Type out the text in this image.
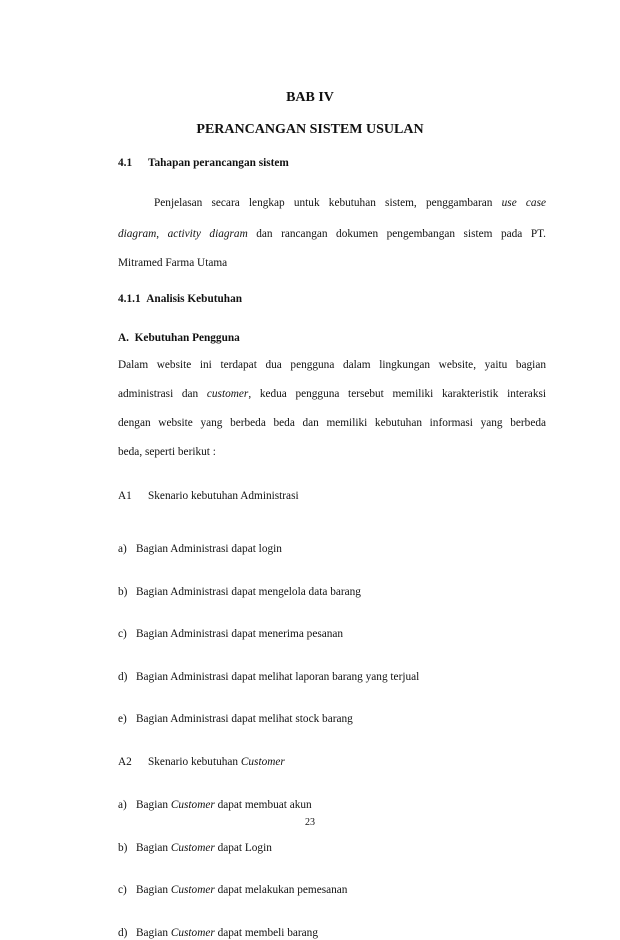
BAB IV

PERANCANGAN SISTEM USULAN

4.1 Tahapan perancangan sistem

Penjelasan secara lengkap untuk kebutuhan sistem, penggambaran use case

diagram, activity diagram dan rancangan dokumen pengembangan sistem pada PT.

Mitramed Farma Utama

4.1.1 Analisis Kebutuhan

A. Kebutuhan Pengguna

Dalam website ini terdapat dua pengguna dalam lingkungan website, yaitu bagian

administrasi dan customer, kedua pengguna tersebut memiliki karakteristik interaksi

dengan website yang berbeda beda dan memiliki kebutuhan informasi yang berbeda

beda, seperti berikut :

A1 Skenario kebutuhan Administrasi

a) Bagian Administrasi dapat login

b) Bagian Administrasi dapat mengelola data barang

c) Bagian Administrasi dapat menerima pesanan

d) Bagian Administrasi dapat melihat laporan barang yang terjual

e) Bagian Administrasi dapat melihat stock barang

A2 Skenario kebutuhan Customer

a) Bagian Customer dapat membuat akun

b) Bagian Customer dapat Login

c) Bagian Customer dapat melakukan pemesanan

d) Bagian Customer dapat membeli barang

23
